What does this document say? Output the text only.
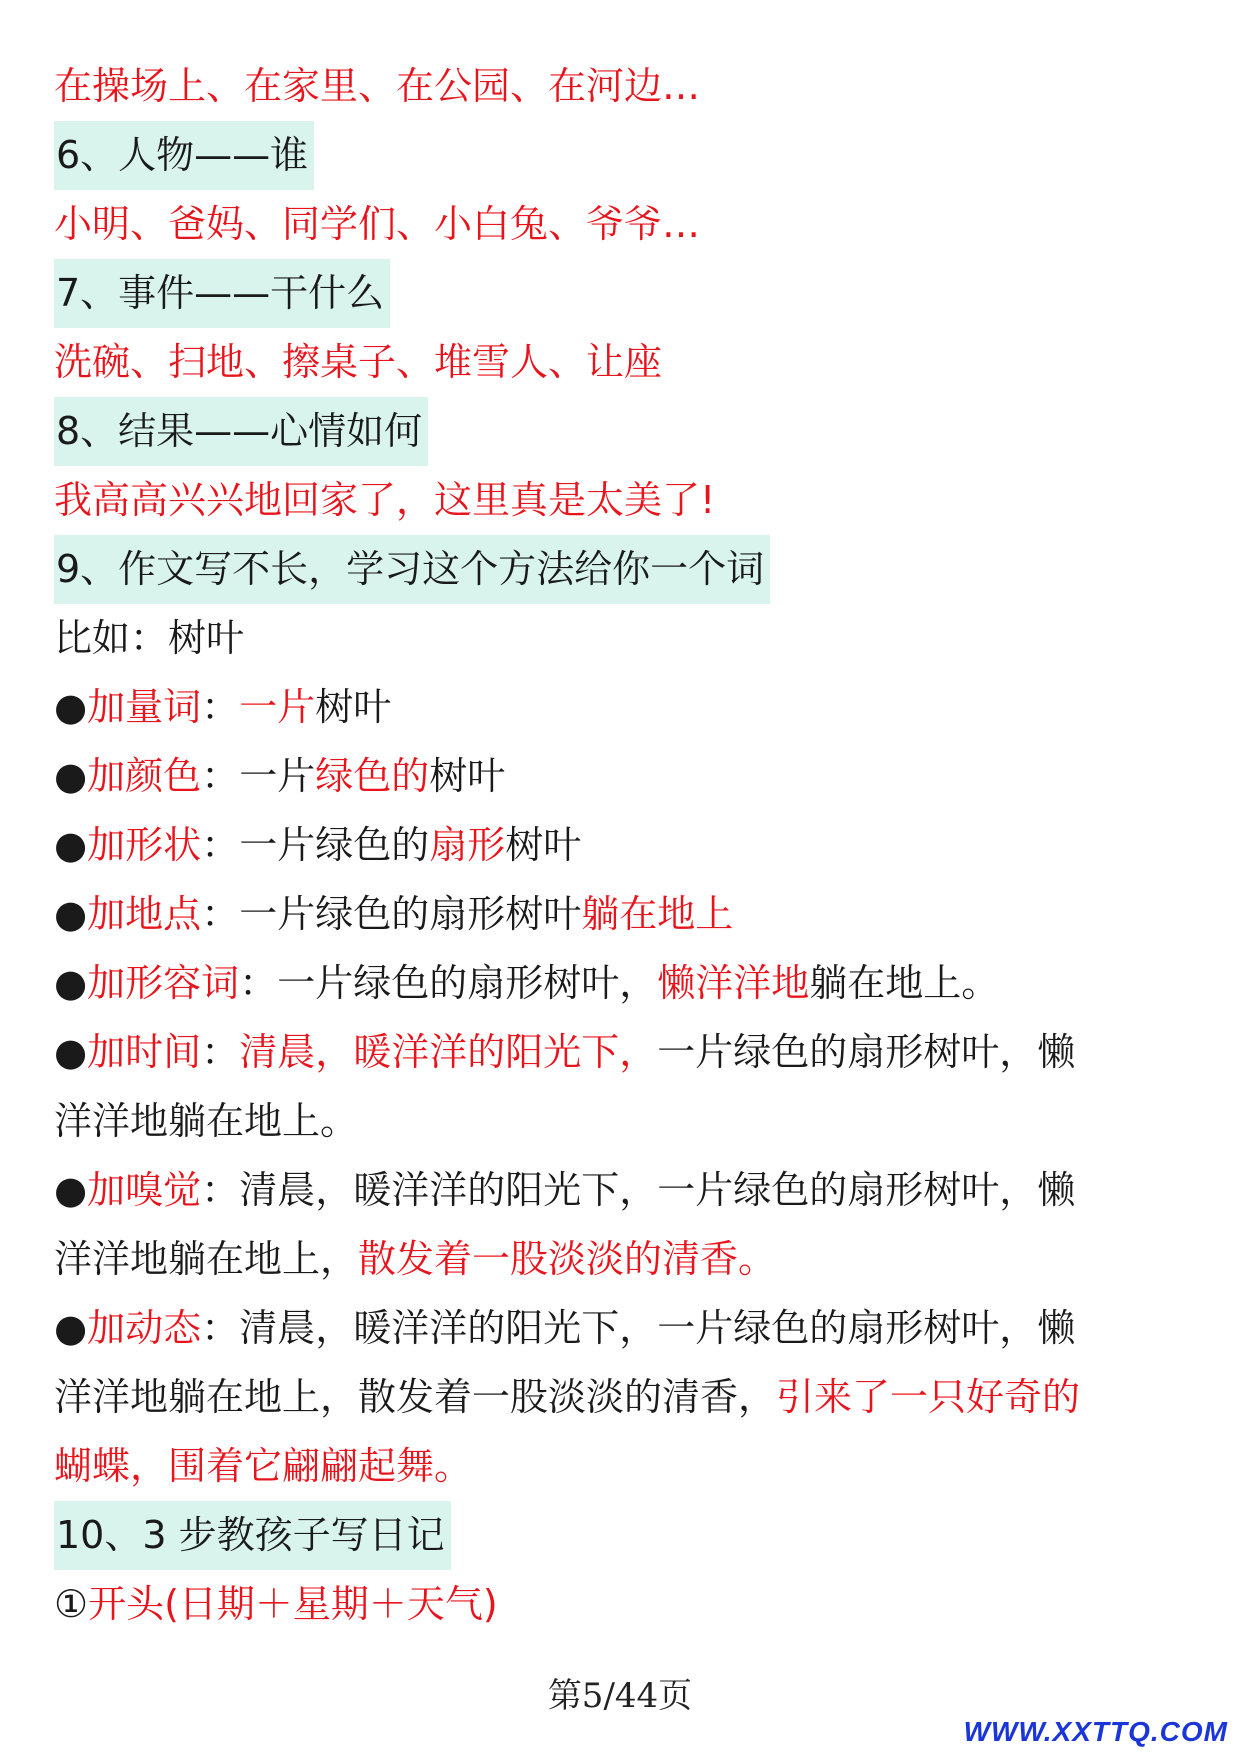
在操场上、在家里、在公园、在河边…
6、人物——谁
小明、爸妈、同学们、小白兔、爷爷…
7、事件——干什么
洗碗、扫地、擦桌子、堆雪人、让座
8、结果——心情如何
我高高兴兴地回家了，这里真是太美了!
9、作文写不长，学习这个方法给你一个词
比如：树叶
●加量词：一片树叶
●加颜色：一片绿色的树叶
●加形状：一片绿色的扇形树叶
●加地点：一片绿色的扇形树叶躺在地上
●加形容词：一片绿色的扇形树叶，懒洋洋地躺在地上。
●加时间：清晨，暖洋洋的阳光下，一片绿色的扇形树叶，懒
洋洋地躺在地上。
●加嗅觉：清晨，暖洋洋的阳光下，一片绿色的扇形树叶，懒
洋洋地躺在地上，散发着一股淡淡的清香。
●加动态：清晨，暖洋洋的阳光下，一片绿色的扇形树叶，懒
洋洋地躺在地上，散发着一股淡淡的清香，引来了一只好奇的
蝴蝶，围着它翩翩起舞。
10、3 步教孩子写日记
①开头(日期＋星期＋天气)
第5/44页
WWW.XXTTQ.COM
